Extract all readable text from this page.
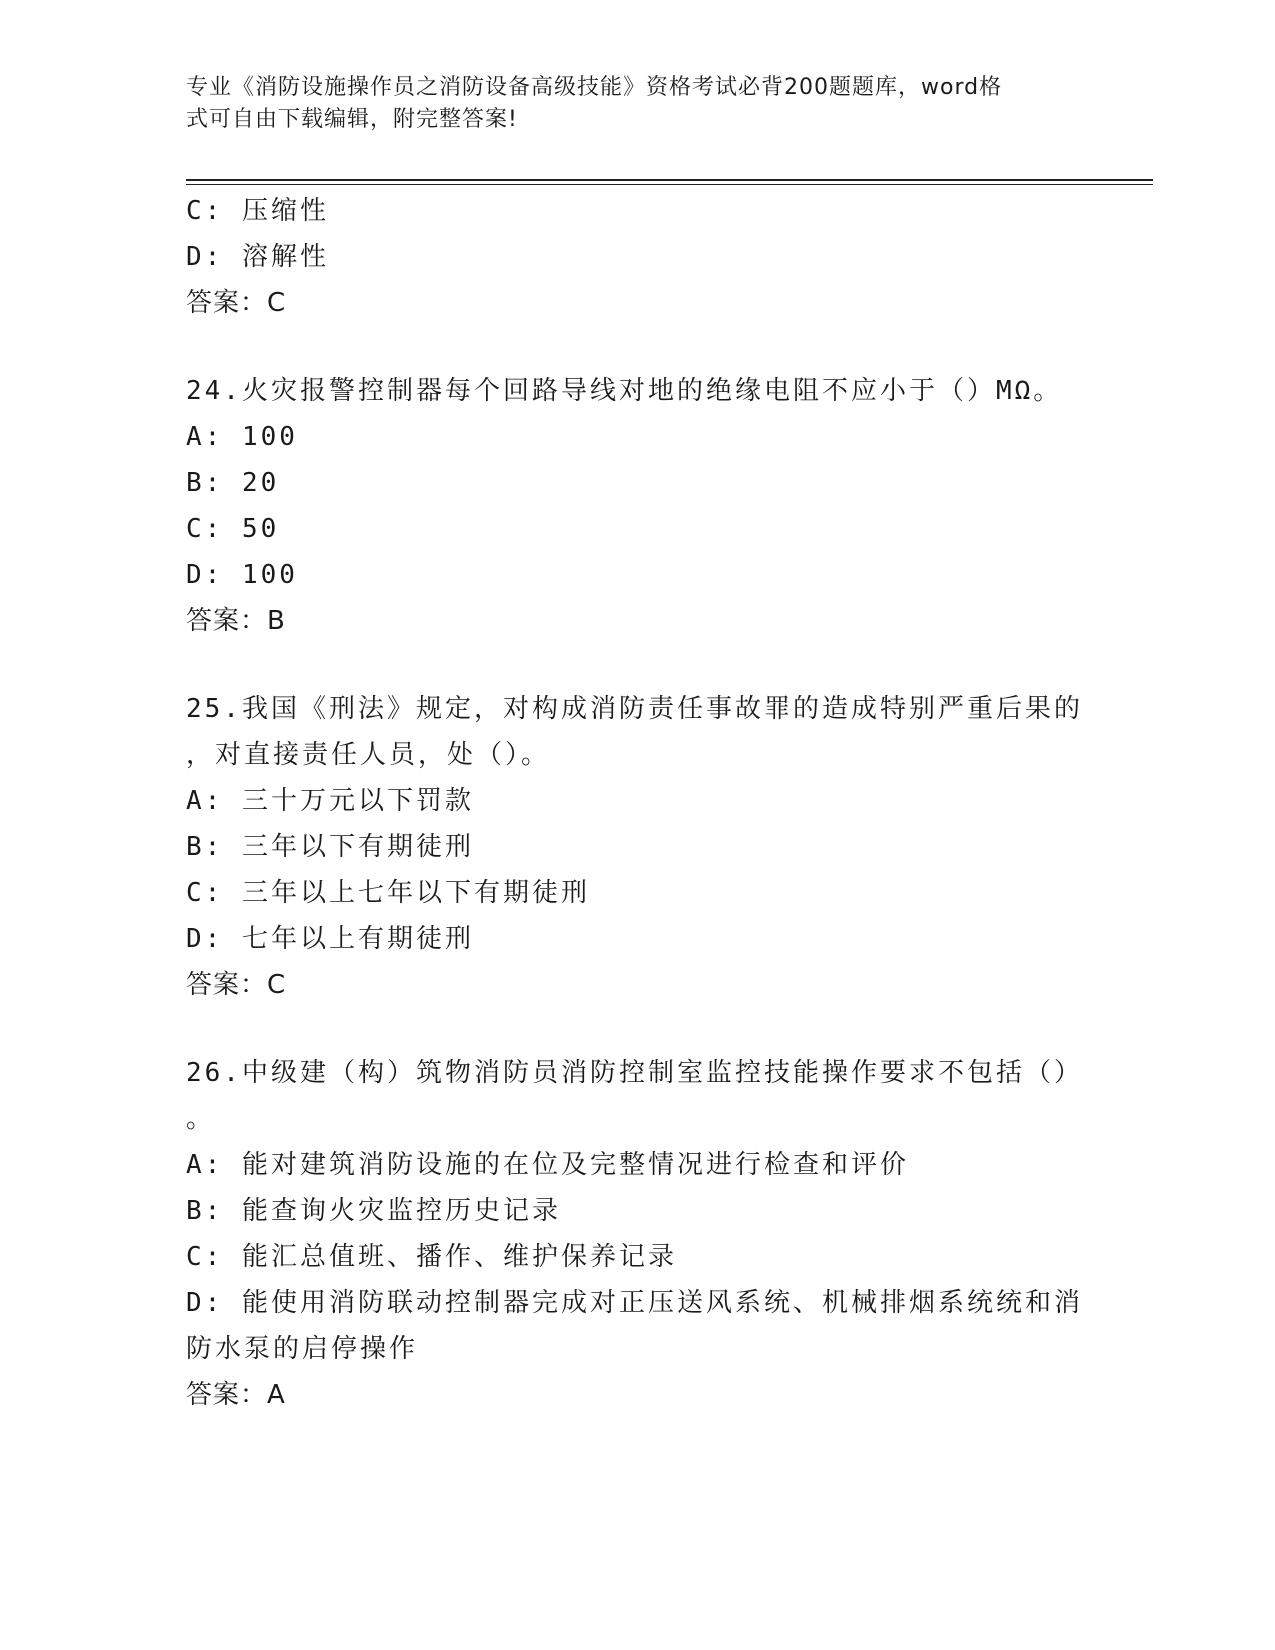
专业《消防设施操作员之消防设备高级技能》资格考试必背200题题库，word格
式可自由下载编辑，附完整答案!
C: 压缩性
D: 溶解性
答案：C
24.火灾报警控制器每个回路导线对地的绝缘电阻不应小于（）MΩ。
A: 100
B: 20
C: 50
D: 100
答案：B
25.我国《刑法》规定，对构成消防责任事故罪的造成特别严重后果的
，对直接责任人员，处（）。
A: 三十万元以下罚款
B: 三年以下有期徒刑
C: 三年以上七年以下有期徒刑
D: 七年以上有期徒刑
答案：C
26.中级建（构）筑物消防员消防控制室监控技能操作要求不包括（）
。
A: 能对建筑消防设施的在位及完整情况进行检查和评价
B: 能查询火灾监控历史记录
C: 能汇总值班、播作、维护保养记录
D: 能使用消防联动控制器完成对正压送风系统、机械排烟系统统和消
防水泵的启停操作
答案：A
